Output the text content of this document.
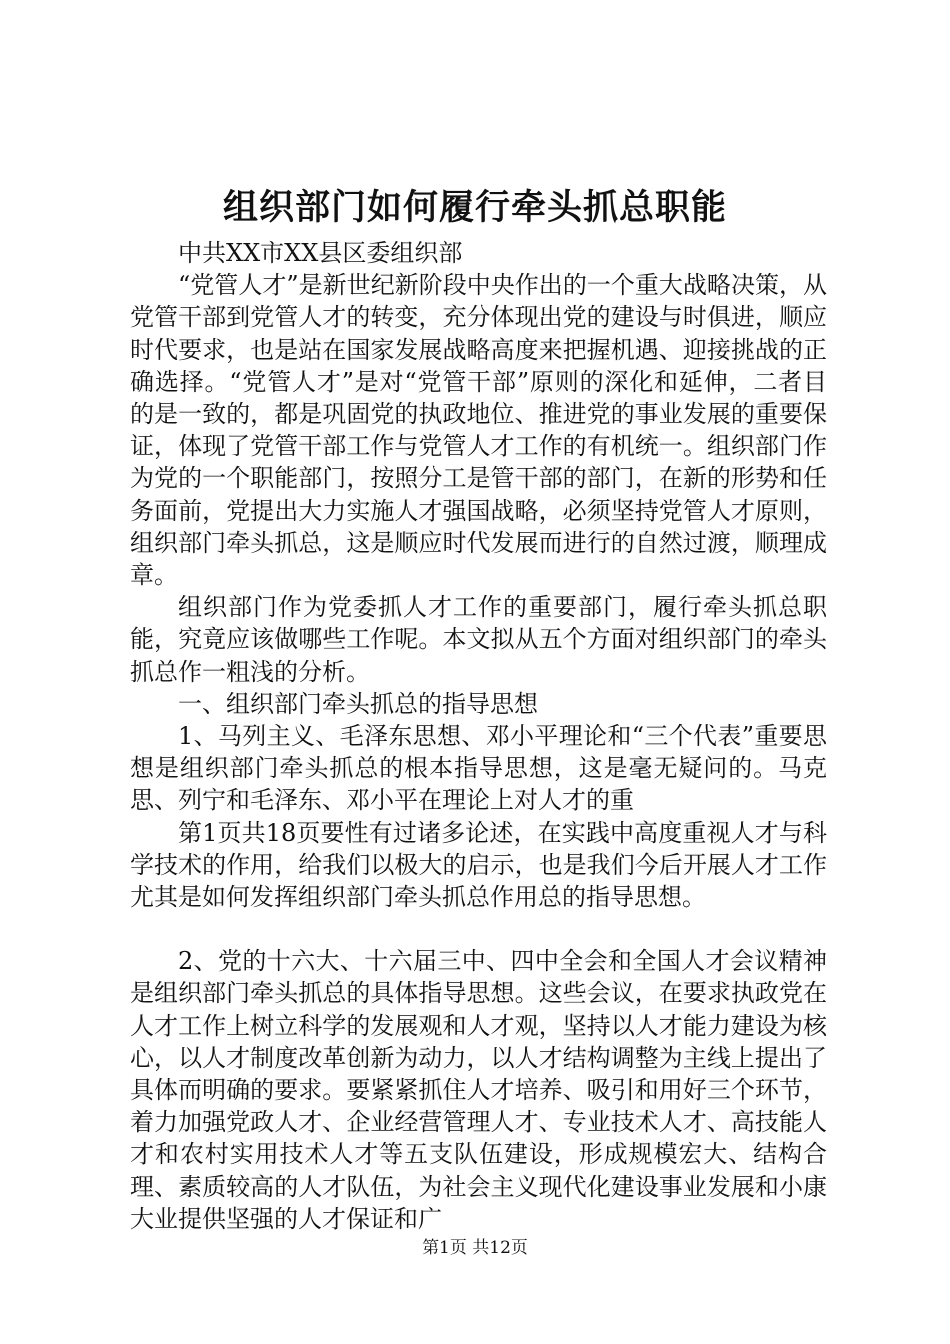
组织部门如何履行牵头抓总职能

中共XX市XX县区委组织部

“党管人才”是新世纪新阶段中央作出的一个重大战略决策，从党管干部到党管人才的转变，充分体现出党的建设与时俱进，顺应时代要求，也是站在国家发展战略高度来把握机遇、迎接挑战的正确选择。“党管人才”是对“党管干部”原则的深化和延伸，二者目的是一致的，都是巩固党的执政地位、推进党的事业发展的重要保证，体现了党管干部工作与党管人才工作的有机统一。组织部门作为党的一个职能部门，按照分工是管干部的部门，在新的形势和任务面前，党提出大力实施人才强国战略，必须坚持党管人才原则，组织部门牵头抓总，这是顺应时代发展而进行的自然过渡，顺理成章。

组织部门作为党委抓人才工作的重要部门，履行牵头抓总职能，究竟应该做哪些工作呢。本文拟从五个方面对组织部门的牵头抓总作一粗浅的分析。

一、组织部门牵头抓总的指导思想

1、马列主义、毛泽东思想、邓小平理论和“三个代表”重要思想是组织部门牵头抓总的根本指导思想，这是毫无疑问的。马克思、列宁和毛泽东、邓小平在理论上对人才的重

第1页共18页要性有过诸多论述，在实践中高度重视人才与科学技术的作用，给我们以极大的启示，也是我们今后开展人才工作尤其是如何发挥组织部门牵头抓总作用总的指导思想。

2、党的十六大、十六届三中、四中全会和全国人才会议精神是组织部门牵头抓总的具体指导思想。这些会议，在要求执政党在人才工作上树立科学的发展观和人才观，坚持以人才能力建设为核心，以人才制度改革创新为动力，以人才结构调整为主线上提出了具体而明确的要求。要紧紧抓住人才培养、吸引和用好三个环节，着力加强党政人才、企业经营管理人才、专业技术人才、高技能人才和农村实用技术人才等五支队伍建设，形成规模宏大、结构合理、素质较高的人才队伍，为社会主义现代化建设事业发展和小康大业提供坚强的人才保证和广

第1页 共12页
